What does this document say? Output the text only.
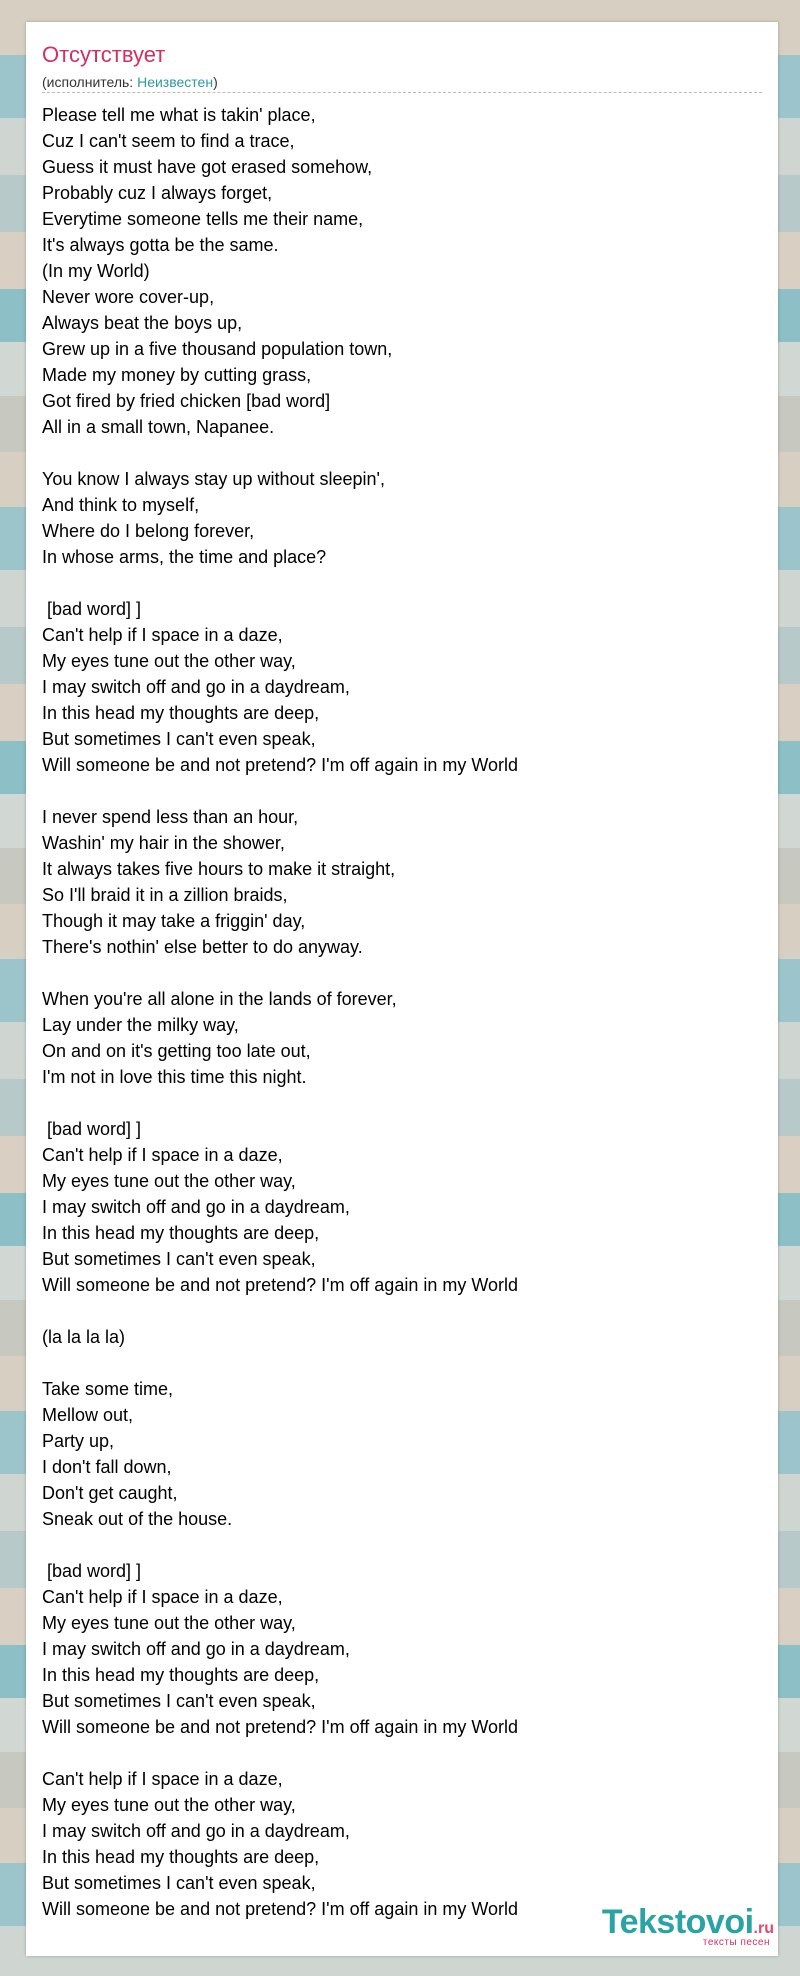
Отсутствует
(исполнитель: Неизвестен)
Please tell me what is takin' place,
Cuz I can't seem to find a trace,
Guess it must have got erased somehow,
Probably cuz I always forget,
Everytime someone tells me their name,
It's always gotta be the same.
(In my World)
Never wore cover-up,
Always beat the boys up,
Grew up in a five thousand population town,
Made my money by cutting grass,
Got fired by fried chicken [bad word]
All in a small town, Napanee.
You know I always stay up without sleepin',
And think to myself,
Where do I belong forever,
In whose arms, the time and place?
[bad word] ]
Can't help if I space in a daze,
My eyes tune out the other way,
I may switch off and go in a daydream,
In this head my thoughts are deep,
But sometimes I can't even speak,
Will someone be and not pretend? I'm off again in my World
I never spend less than an hour,
Washin' my hair in the shower,
It always takes five hours to make it straight,
So I'll braid it in a zillion braids,
Though it may take a friggin' day,
There's nothin' else better to do anyway.
When you're all alone in the lands of forever,
Lay under the milky way,
On and on it's getting too late out,
I'm not in love this time this night.
[bad word] ]
Can't help if I space in a daze,
My eyes tune out the other way,
I may switch off and go in a daydream,
In this head my thoughts are deep,
But sometimes I can't even speak,
Will someone be and not pretend? I'm off again in my World
(la la la la)
Take some time,
Mellow out,
Party up,
I don't fall down,
Don't get caught,
Sneak out of the house.
[bad word] ]
Can't help if I space in a daze,
My eyes tune out the other way,
I may switch off and go in a daydream,
In this head my thoughts are deep,
But sometimes I can't even speak,
Will someone be and not pretend? I'm off again in my World
Can't help if I space in a daze,
My eyes tune out the other way,
I may switch off and go in a daydream,
In this head my thoughts are deep,
But sometimes I can't even speak,
Will someone be and not pretend? I'm off again in my World	Tekstovoi.ru
тексты песен
